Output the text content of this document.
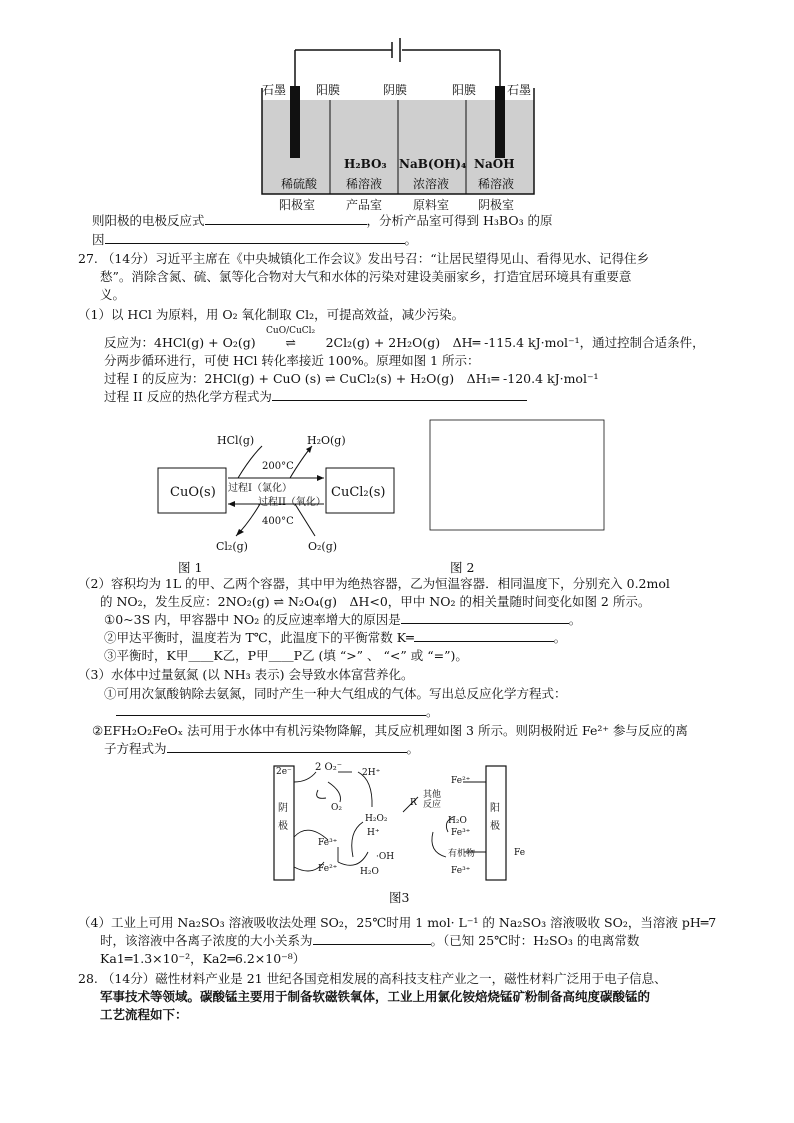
石墨 阳膜	阴膜	阳膜	石墨
稀硫酸
H₂BO₃
稀溶液
NaB(OH)₄
浓溶液
NaOH
稀溶液
阳极室	产品室	原料室 阴极室
则阳极的电极反应式	，分析产品室可得到 H₃BO₃ 的原
因	。
27. （14分）习近平主席在《中央城镇化工作会议》发出号召：“让居民望得见山、看得见水、记得住乡
愁”。消除含氮、硫、氯等化合物对大气和水体的污染对建设美丽家乡，打造宜居环境具有重要意
义。
（1）以 HCl 为原料，用 O₂ 氧化制取 Cl₂，可提高效益，减少污染。
反应为：4HCl(g) + O₂(g)
CuO/CuCl₂
⇌ 2Cl₂(g) + 2H₂O(g)　ΔH═ -115.4 kJ·mol⁻¹，通过控制合适条件，
分两步循环进行，可使 HCl 转化率接近 100%。原理如图 1 所示：
过程 I 的反应为：2HCl(g) + CuO (s) ⇌ CuCl₂(s) + H₂O(g)　ΔH₁═ -120.4 kJ·mol⁻¹
过程 II 反应的热化学方程式为
CuO(s)	CuCl₂(s)
HCl(g)	H₂O(g)
200°C
过程I（氯化）
过程II（氧化）
400°C
Cl₂(g)	O₂(g)
图 1	图 2
（2）容积均为 1L 的甲、乙两个容器，其中甲为绝热容器，乙为恒温容器．相同温度下，分别充入 0.2mol
的 NO₂，发生反应：2NO₂(g) ⇌ N₂O₄(g)　ΔH<0，甲中 NO₂ 的相关量随时间变化如图 2 所示。
①0~3S 内，甲容器中 NO₂ 的反应速率增大的原因是	。
②甲达平衡时，温度若为 T℃，此温度下的平衡常数 K═	。
③平衡时，K甲＿＿K乙，P甲＿＿P乙 (填 “>” 、 “<” 或 “=”)。
（3）水体中过量氨氮 (以 NH₃ 表示) 会导致水体富营养化。
①可用次氯酸钠除去氨氮，同时产生一种大气组成的气体。写出总反应化学方程式：
。
②EFH₂O₂FeOₓ 法可用于水体中有机污染物降解，其反应机理如图 3 所示。则阴极附近 Fe²⁺ 参与反应的离
子方程式为	。
2e⁻ 2 O₂⁻ 2H⁺
O₂
H₂O₂
H⁺
Fe³⁺
Fe²⁺
·OH
H₂O
R
其他
反应
Fe²⁺
Fe³⁺
H₂O
有机物
Fe³⁺
Fe
阴
极
阳
极
图3
（4）工业上可用 Na₂SO₃ 溶液吸收法处理 SO₂，25℃时用 1 mol· L⁻¹ 的 Na₂SO₃ 溶液吸收 SO₂，当溶液 pH═7
时，该溶液中各离子浓度的大小关系为	。（已知 25℃时：H₂SO₃ 的电离常数
Ka1═1.3×10⁻²，Ka2═6.2×10⁻⁸）
28. （14分）磁性材料产业是 21 世纪各国竞相发展的高科技支柱产业之一，磁性材料广泛用于电子信息、
军事技术等领域。碳酸锰主要用于制备软磁铁氧体，工业上用氯化铵焙烧锰矿粉制备高纯度碳酸锰的
工艺流程如下：
